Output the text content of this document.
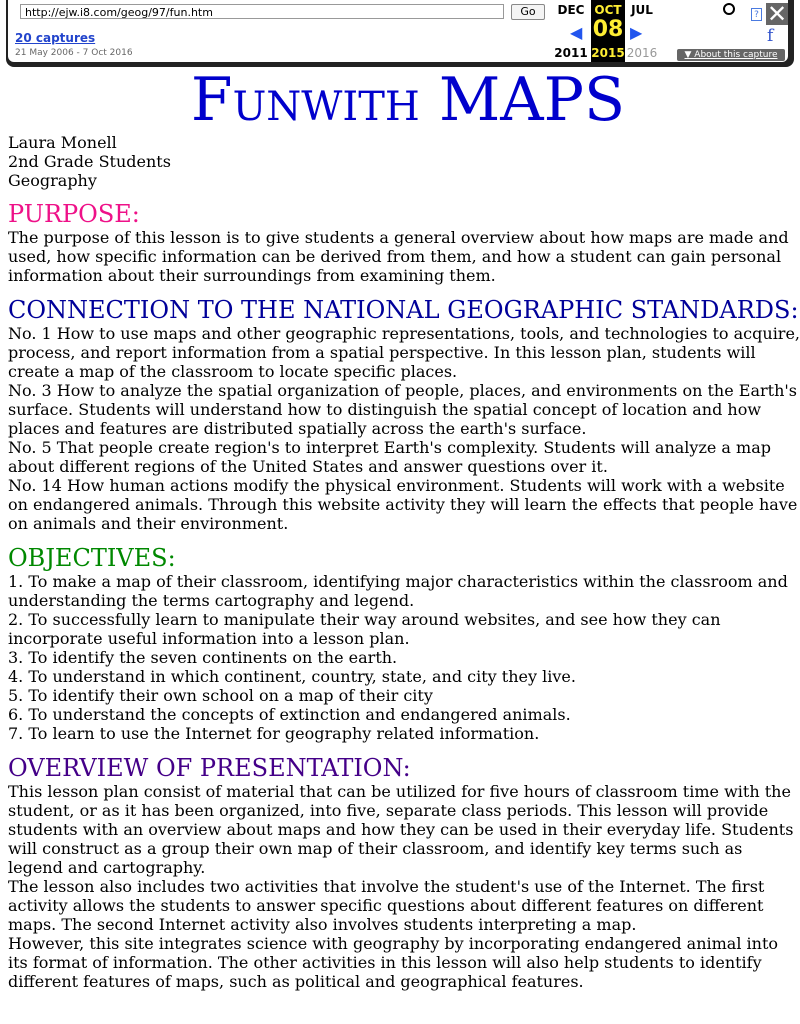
http://ejw.i8.com/geog/97/fun.htm	Go
20 captures
21 May 2006 - 7 Oct 2016
DEC
2011
◀
OCT
08
2015
▶
JUL
2016	▼ About this capture
? ✕
f
FUNWITH MAPS

Laura Monell

2nd Grade Students

Geography

PURPOSE:

The purpose of this lesson is to give students a general overview about how maps are made and used, how specific information can be derived from them, and how a student can gain personal information about their surroundings from examining them.

CONNECTION TO THE NATIONAL GEOGRAPHIC STANDARDS:

No. 1 How to use maps and other geographic representations, tools, and technologies to acquire, process, and report information from a spatial perspective. In this lesson plan, students will create a map of the classroom to locate specific places.

No. 3 How to analyze the spatial organization of people, places, and environments on the Earth's surface. Students will understand how to distinguish the spatial concept of location and how places and features are distributed spatially across the earth's surface.

No. 5 That people create region's to interpret Earth's complexity. Students will analyze a map about different regions of the United States and answer questions over it.

No. 14 How human actions modify the physical environment. Students will work with a website on endangered animals. Through this website activity they will learn the effects that people have on animals and their environment.

OBJECTIVES:

1. To make a map of their classroom, identifying major characteristics within the classroom and understanding the terms cartography and legend.

2. To successfully learn to manipulate their way around websites, and see how they can incorporate useful information into a lesson plan.

3. To identify the seven continents on the earth.

4. To understand in which continent, country, state, and city they live.

5. To identify their own school on a map of their city

6. To understand the concepts of extinction and endangered animals.

7. To learn to use the Internet for geography related information.

OVERVIEW OF PRESENTATION:

This lesson plan consist of material that can be utilized for five hours of classroom time with the student, or as it has been organized, into five, separate class periods. This lesson will provide students with an overview about maps and how they can be used in their everyday life. Students will construct as a group their own map of their classroom, and identify key terms such as legend and cartography.

The lesson also includes two activities that involve the student's use of the Internet. The first activity allows the students to answer specific questions about different features on different maps. The second Internet activity also involves students interpreting a map.

However, this site integrates science with geography by incorporating endangered animal into its format of information. The other activities in this lesson will also help students to identify different features of maps, such as political and geographical features.
